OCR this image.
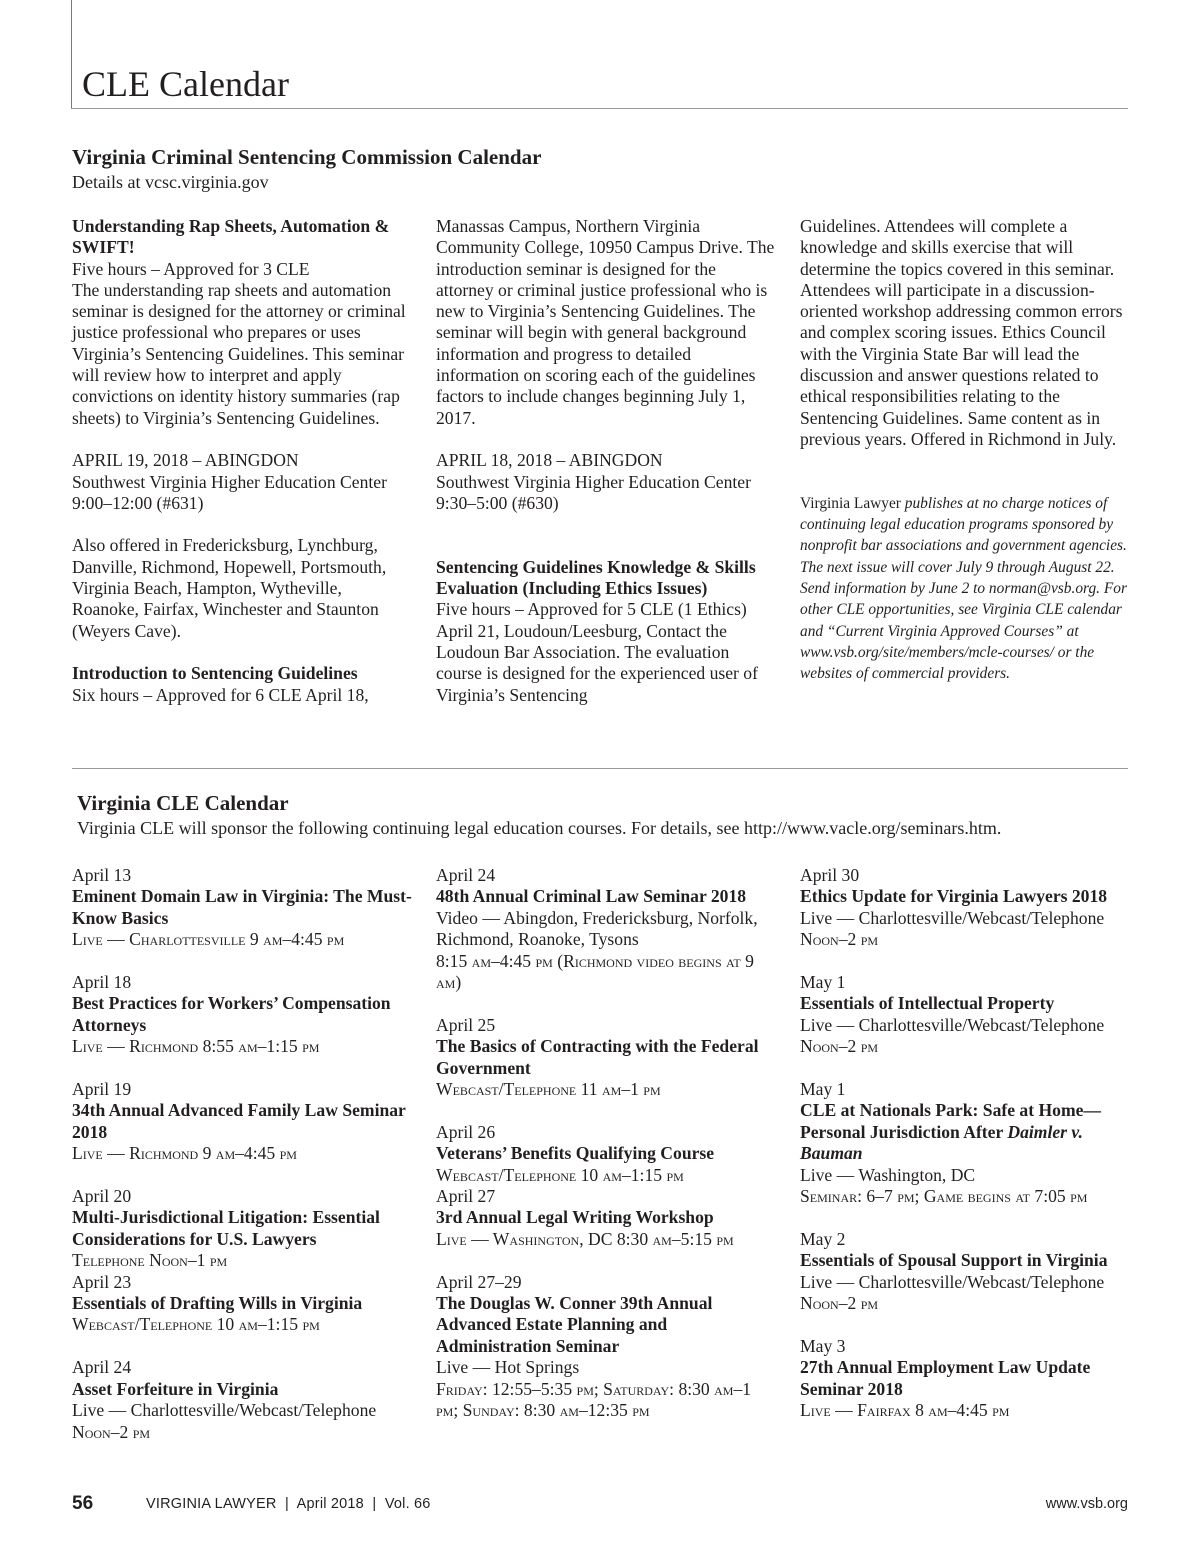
CLE Calendar
Virginia Criminal Sentencing Commission Calendar
Details at vcsc.virginia.gov

Understanding Rap Sheets, Automation & SWIFT!

Five hours – Approved for 3 CLE

The understanding rap sheets and automation seminar is designed for the attorney or criminal justice professional who prepares or uses Virginia’s Sentencing Guidelines. This seminar will review how to interpret and apply convictions on identity history summaries (rap sheets) to Virginia’s Sentencing Guidelines.

APRIL 19, 2018 – ABINGDON

Southwest Virginia Higher Education Center

9:00–12:00 (#631)

Also offered in Fredericksburg, Lynchburg, Danville, Richmond, Hopewell, Portsmouth, Virginia Beach, Hampton, Wytheville, Roanoke, Fairfax, Winchester and Staunton (Weyers Cave).

Introduction to Sentencing Guidelines

Six hours – Approved for 6 CLE April 18,

Manassas Campus, Northern Virginia Community College, 10950 Campus Drive. The introduction seminar is designed for the attorney or criminal justice professional who is new to Virginia’s Sentencing Guidelines. The seminar will begin with general background information and progress to detailed information on scoring each of the guidelines factors to include changes beginning July 1, 2017.

APRIL 18, 2018 – ABINGDON

Southwest Virginia Higher Education Center

9:30–5:00 (#630)

Sentencing Guidelines Knowledge & Skills Evaluation (Including Ethics Issues)

Five hours – Approved for 5 CLE (1 Ethics) April 21, Loudoun/Leesburg, Contact the Loudoun Bar Association. The evaluation course is designed for the experienced user of Virginia’s Sentencing

Guidelines. Attendees will complete a knowledge and skills exercise that will determine the topics covered in this seminar. Attendees will participate in a discussion-oriented workshop addressing common errors and complex scoring issues. Ethics Council with the Virginia State Bar will lead the discussion and answer questions related to ethical responsibilities relating to the Sentencing Guidelines. Same content as in previous years. Offered in Richmond in July.

Virginia Lawyer publishes at no charge notices of continuing legal education programs sponsored by nonprofit bar associations and government agencies. The next issue will cover July 9 through August 22. Send information by June 2 to norman@vsb.org. For other CLE opportunities, see Virginia CLE calendar and “Current Virginia Approved Courses” at www.vsb.org/site/members/mcle-courses/ or the websites of commercial providers.

Virginia CLE Calendar
Virginia CLE will sponsor the following continuing legal education courses. For details, see http://www.vacle.org/seminars.htm.
April 13
Eminent Domain Law in Virginia: The Must-Know Basics
Live — Charlottesville 9 am–4:45 pm
April 18
Best Practices for Workers’ Compensation Attorneys
Live — Richmond 8:55 am–1:15 pm
April 19
34th Annual Advanced Family Law Seminar 2018
Live — Richmond 9 am–4:45 pm
April 20
Multi-Jurisdictional Litigation: Essential Considerations for U.S. Lawyers
Telephone Noon–1 pm
April 23
Essentials of Drafting Wills in Virginia
Webcast/Telephone 10 am–1:15 pm
April 24
Asset Forfeiture in Virginia
Live — Charlottesville/Webcast/Telephone
Noon–2 pm
April 24
48th Annual Criminal Law Seminar 2018
Video — Abingdon, Fredericksburg, Norfolk, Richmond, Roanoke, Tysons
8:15 am–4:45 pm (Richmond video begins at 9 am)
April 25
The Basics of Contracting with the Federal Government
Webcast/Telephone 11 am–1 pm
April 26
Veterans’ Benefits Qualifying Course
Webcast/Telephone 10 am–1:15 pm
April 27
3rd Annual Legal Writing Workshop
Live — Washington, DC 8:30 am–5:15 pm
April 27–29
The Douglas W. Conner 39th Annual Advanced Estate Planning and Administration Seminar
Live — Hot Springs
Friday: 12:55–5:35 pm; Saturday: 8:30 am–1 pm; Sunday: 8:30 am–12:35 pm
April 30
Ethics Update for Virginia Lawyers 2018
Live — Charlottesville/Webcast/Telephone
Noon–2 pm
May 1
Essentials of Intellectual Property
Live — Charlottesville/Webcast/Telephone
Noon–2 pm
May 1
CLE at Nationals Park: Safe at Home—Personal Jurisdiction After Daimler v. Bauman
Live — Washington, DC
Seminar: 6–7 pm; Game begins at 7:05 pm
May 2
Essentials of Spousal Support in Virginia
Live — Charlottesville/Webcast/Telephone
Noon–2 pm
May 3
27th Annual Employment Law Update Seminar 2018
Live — Fairfax 8 am–4:45 pm
56	VIRGINIA LAWYER  |  April 2018  |  Vol. 66	www.vsb.org
